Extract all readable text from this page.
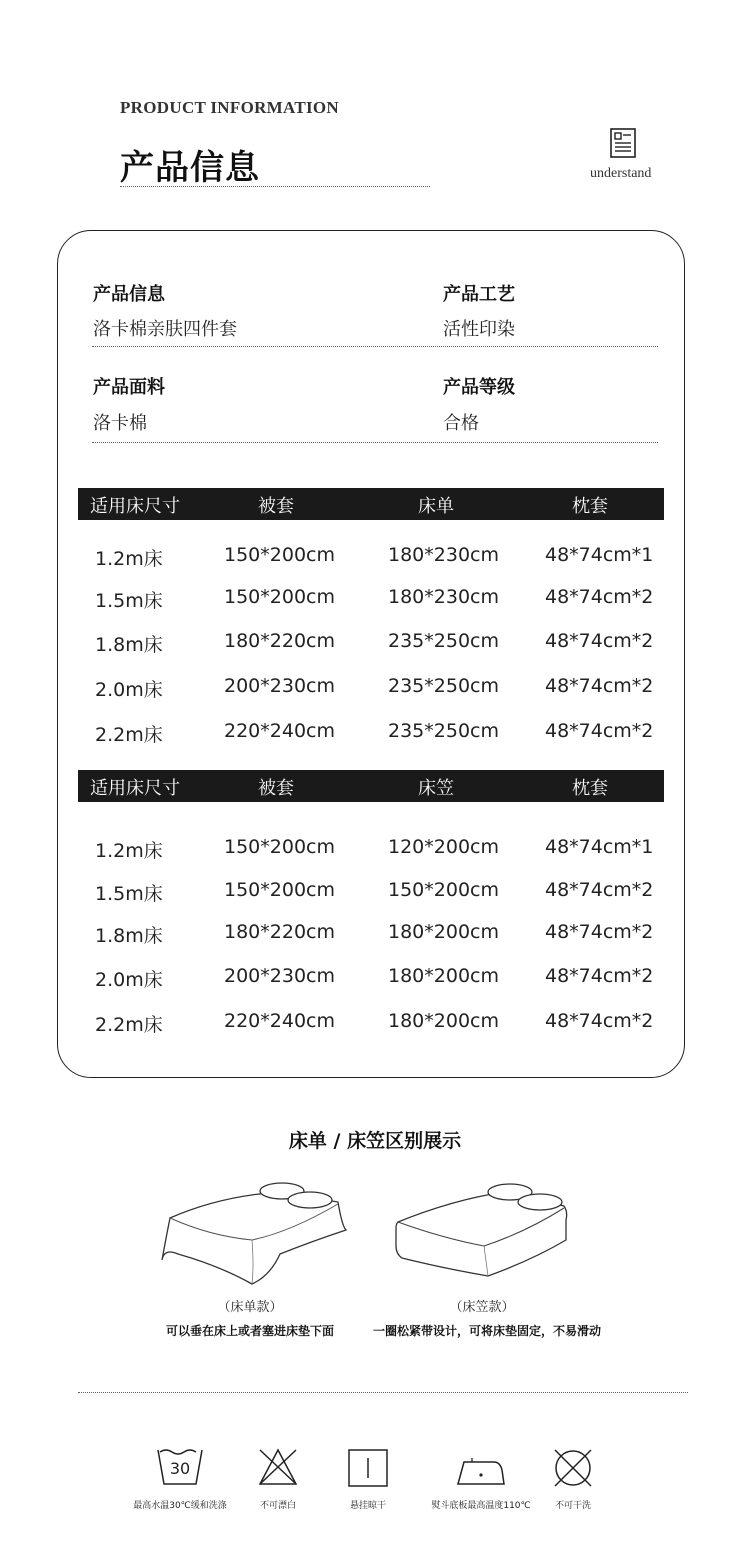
PRODUCT INFORMATION
产品信息	understand
产品信息
洛卡棉亲肤四件套
产品工艺
活性印染
产品面料
洛卡棉
产品等级
合格
适用床尺寸	被套	床单	枕套
1.2m床	150*200cm	180*230cm 48*74cm*1
1.5m床	150*200cm	180*230cm 48*74cm*2
1.8m床	180*220cm	235*250cm 48*74cm*2
2.0m床	200*230cm	235*250cm 48*74cm*2
2.2m床	220*240cm	235*250cm 48*74cm*2
适用床尺寸	被套	床笠	枕套
1.2m床	150*200cm	120*200cm 48*74cm*1
1.5m床	150*200cm	150*200cm 48*74cm*2
1.8m床	180*220cm	180*200cm 48*74cm*2
2.0m床	200*230cm	180*200cm 48*74cm*2
2.2m床	220*240cm	180*200cm 48*74cm*2
床单 / 床笠区别展示
（床单款）
可以垂在床上或者塞进床垫下面
（床笠款）
一圈松紧带设计，可将床垫固定，不易滑动
30
最高水温30℃缓和洗涤	不可漂白	悬挂晾干	熨斗底板最高温度110℃	不可干洗
